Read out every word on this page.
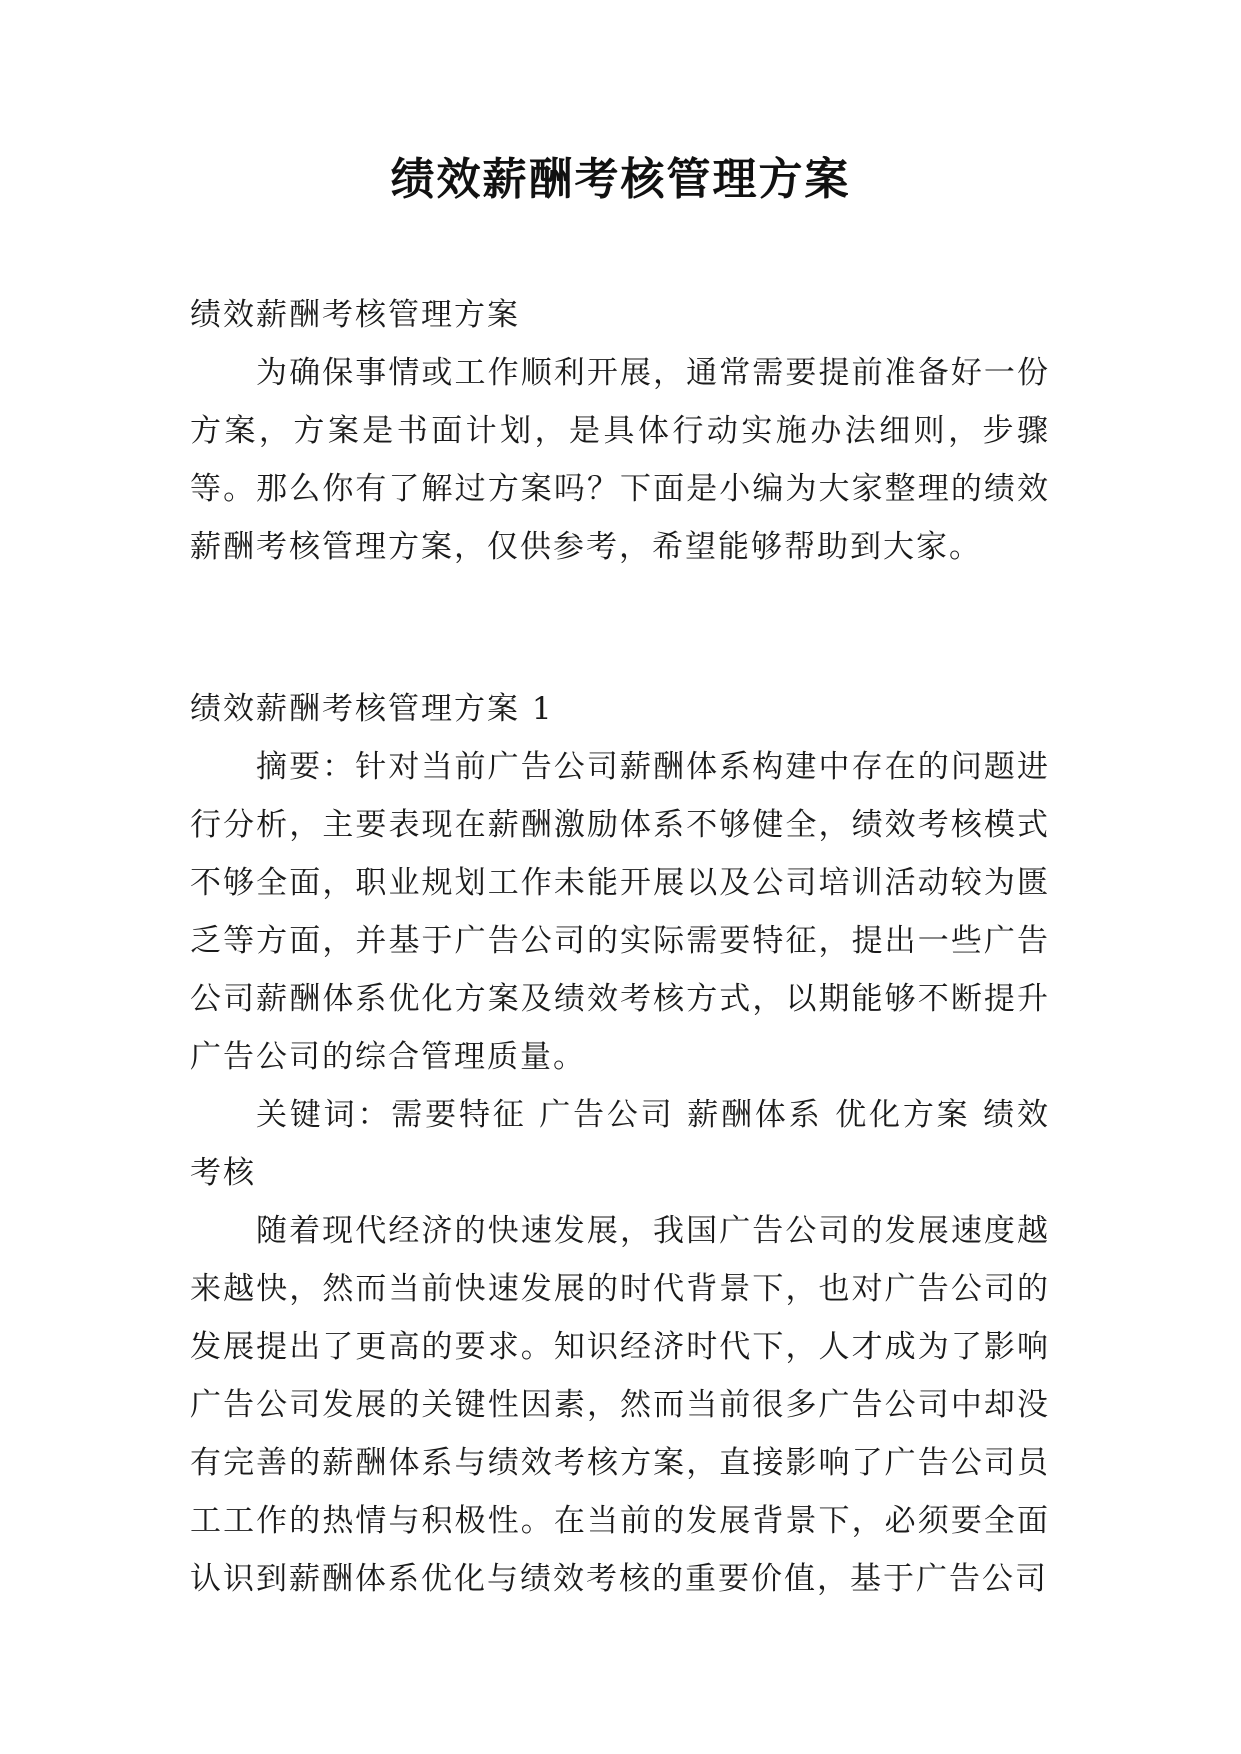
绩效薪酬考核管理方案

绩效薪酬考核管理方案

为确保事情或工作顺利开展，通常需要提前准备好一份方案，方案是书面计划，是具体行动实施办法细则，步骤等。那么你有了解过方案吗？下面是小编为大家整理的绩效薪酬考核管理方案，仅供参考，希望能够帮助到大家。

绩效薪酬考核管理方案 1

摘要：针对当前广告公司薪酬体系构建中存在的问题进行分析，主要表现在薪酬激励体系不够健全，绩效考核模式不够全面，职业规划工作未能开展以及公司培训活动较为匮乏等方面，并基于广告公司的实际需要特征，提出一些广告公司薪酬体系优化方案及绩效考核方式，以期能够不断提升广告公司的综合管理质量。

关键词：需要特征 广告公司 薪酬体系 优化方案 绩效考核

随着现代经济的快速发展，我国广告公司的发展速度越来越快，然而当前快速发展的时代背景下，也对广告公司的发展提出了更高的要求。知识经济时代下，人才成为了影响广告公司发展的关键性因素，然而当前很多广告公司中却没有完善的薪酬体系与绩效考核方案，直接影响了广告公司员工工作的热情与积极性。在当前的发展背景下，必须要全面认识到薪酬体系优化与绩效考核的重要价值，基于广告公司
